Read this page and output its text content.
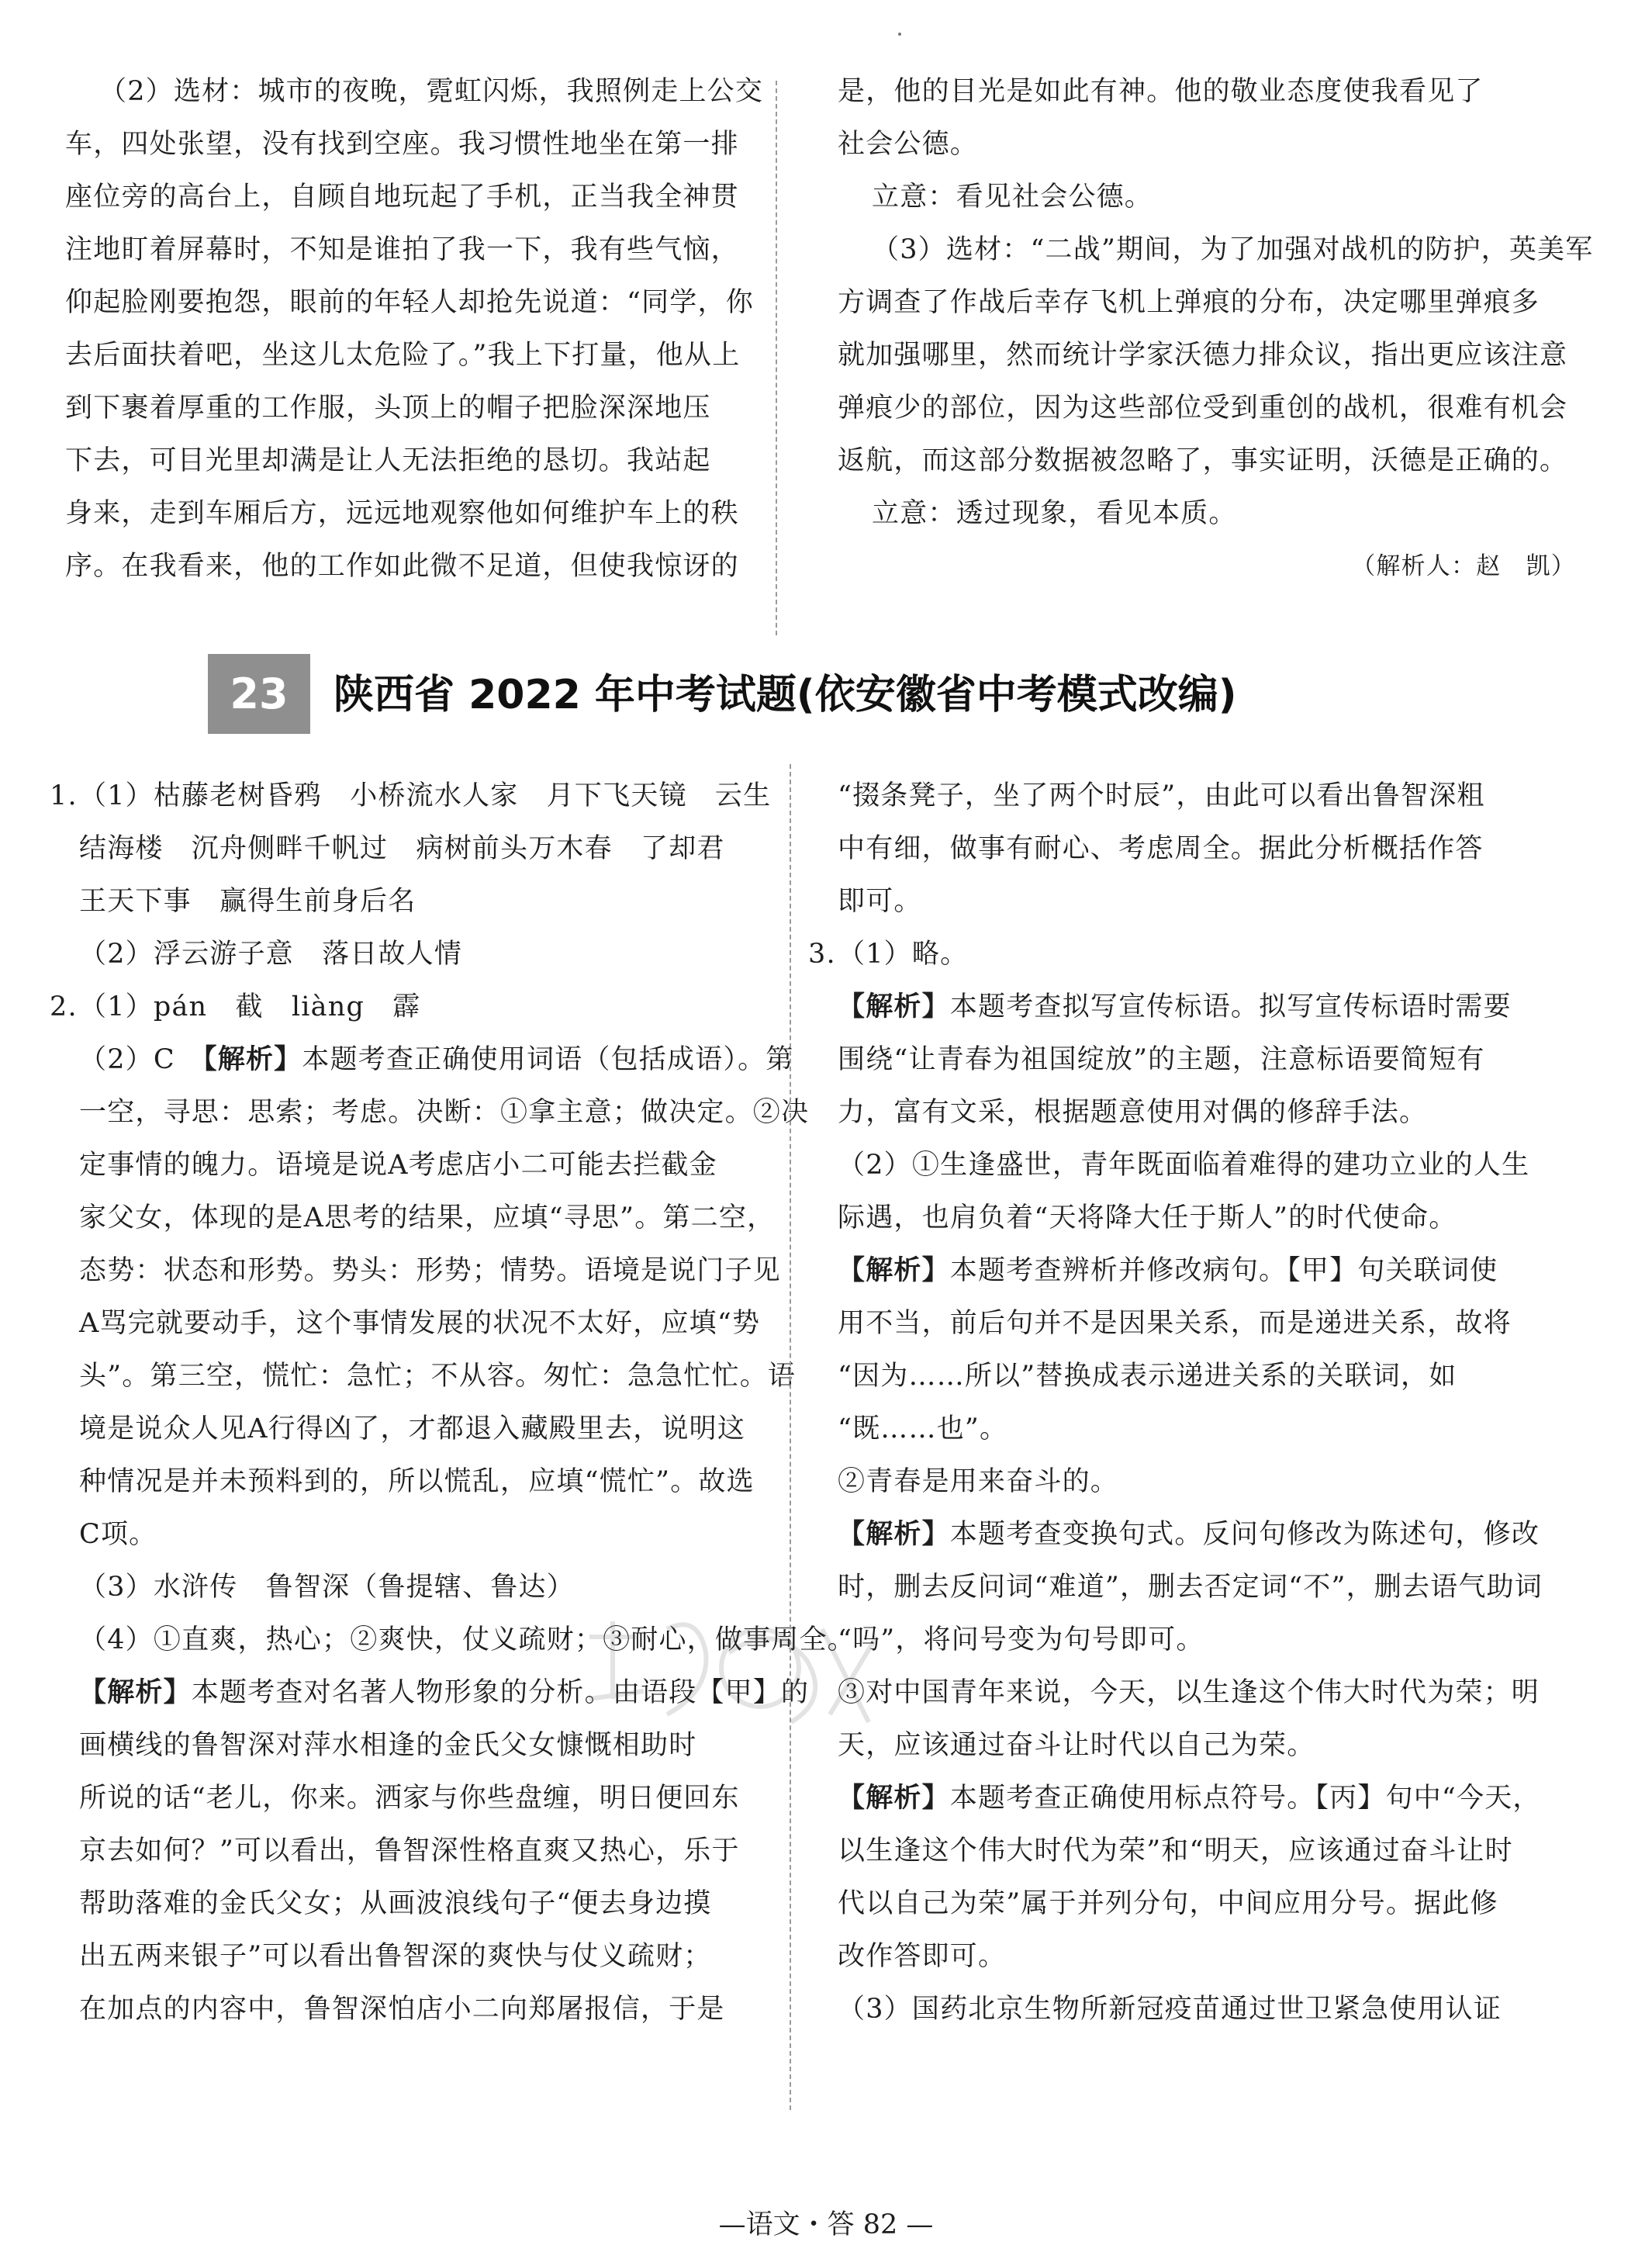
（2）选材：城市的夜晚，霓虹闪烁，我照例走上公交

车，四处张望，没有找到空座。我习惯性地坐在第一排

座位旁的高台上，自顾自地玩起了手机，正当我全神贯

注地盯着屏幕时，不知是谁拍了我一下，我有些气恼，

仰起脸刚要抱怨，眼前的年轻人却抢先说道：“同学，你

去后面扶着吧，坐这儿太危险了。”我上下打量，他从上

到下裹着厚重的工作服，头顶上的帽子把脸深深地压

下去，可目光里却满是让人无法拒绝的恳切。我站起

身来，走到车厢后方，远远地观察他如何维护车上的秩

序。在我看来，他的工作如此微不足道，但使我惊讶的

是，他的目光是如此有神。他的敬业态度使我看见了

社会公德。

立意：看见社会公德。

（3）选材：“二战”期间，为了加强对战机的防护，英美军

方调查了作战后幸存飞机上弹痕的分布，决定哪里弹痕多

就加强哪里，然而统计学家沃德力排众议，指出更应该注意

弹痕少的部位，因为这些部位受到重创的战机，很难有机会

返航，而这部分数据被忽略了，事实证明，沃德是正确的。

立意：透过现象，看见本质。

（解析人：赵　凯）

23	陕西省 2022 年中考试题(依安徽省中考模式改编)

1.（1）枯藤老树昏鸦　小桥流水人家　月下飞天镜　云生

结海楼　沉舟侧畔千帆过　病树前头万木春　了却君

王天下事　赢得生前身后名

（2）浮云游子意　落日故人情

2.（1）pán　截　liàng　霹

（2）C　【解析】本题考查正确使用词语（包括成语）。第

一空，寻思：思索；考虑。决断：①拿主意；做决定。②决

定事情的魄力。语境是说A考虑店小二可能去拦截金

家父女，体现的是A思考的结果，应填“寻思”。第二空，

态势：状态和形势。势头：形势；情势。语境是说门子见

A骂完就要动手，这个事情发展的状况不太好，应填“势

头”。第三空，慌忙：急忙；不从容。匆忙：急急忙忙。语

境是说众人见A行得凶了，才都退入藏殿里去，说明这

种情况是并未预料到的，所以慌乱，应填“慌忙”。故选

C项。

（3）水浒传　鲁智深（鲁提辖、鲁达）

（4）①直爽，热心；②爽快，仗义疏财；③耐心，做事周全。

【解析】本题考查对名著人物形象的分析。由语段【甲】的

画横线的鲁智深对萍水相逢的金氏父女慷慨相助时

所说的话“老儿，你来。洒家与你些盘缠，明日便回东

京去如何？”可以看出，鲁智深性格直爽又热心，乐于

帮助落难的金氏父女；从画波浪线句子“便去身边摸

出五两来银子”可以看出鲁智深的爽快与仗义疏财；

在加点的内容中，鲁智深怕店小二向郑屠报信，于是

“掇条凳子，坐了两个时辰”，由此可以看出鲁智深粗

中有细，做事有耐心、考虑周全。据此分析概括作答

即可。

3.（1）略。

【解析】本题考查拟写宣传标语。拟写宣传标语时需要

围绕“让青春为祖国绽放”的主题，注意标语要简短有

力，富有文采，根据题意使用对偶的修辞手法。

（2）①生逢盛世，青年既面临着难得的建功立业的人生

际遇，也肩负着“天将降大任于斯人”的时代使命。

【解析】本题考查辨析并修改病句。【甲】句关联词使

用不当，前后句并不是因果关系，而是递进关系，故将

“因为……所以”替换成表示递进关系的关联词，如

“既……也”。

②青春是用来奋斗的。

【解析】本题考查变换句式。反问句修改为陈述句，修改

时，删去反问词“难道”，删去否定词“不”，删去语气助词

“吗”，将问号变为句号即可。

③对中国青年来说，今天，以生逢这个伟大时代为荣；明

天，应该通过奋斗让时代以自己为荣。

【解析】本题考查正确使用标点符号。【丙】句中“今天，

以生逢这个伟大时代为荣”和“明天，应该通过奋斗让时

代以自己为荣”属于并列分句，中间应用分号。据此修

改作答即可。

（3）国药北京生物所新冠疫苗通过世卫紧急使用认证

—语文・答 82 —
